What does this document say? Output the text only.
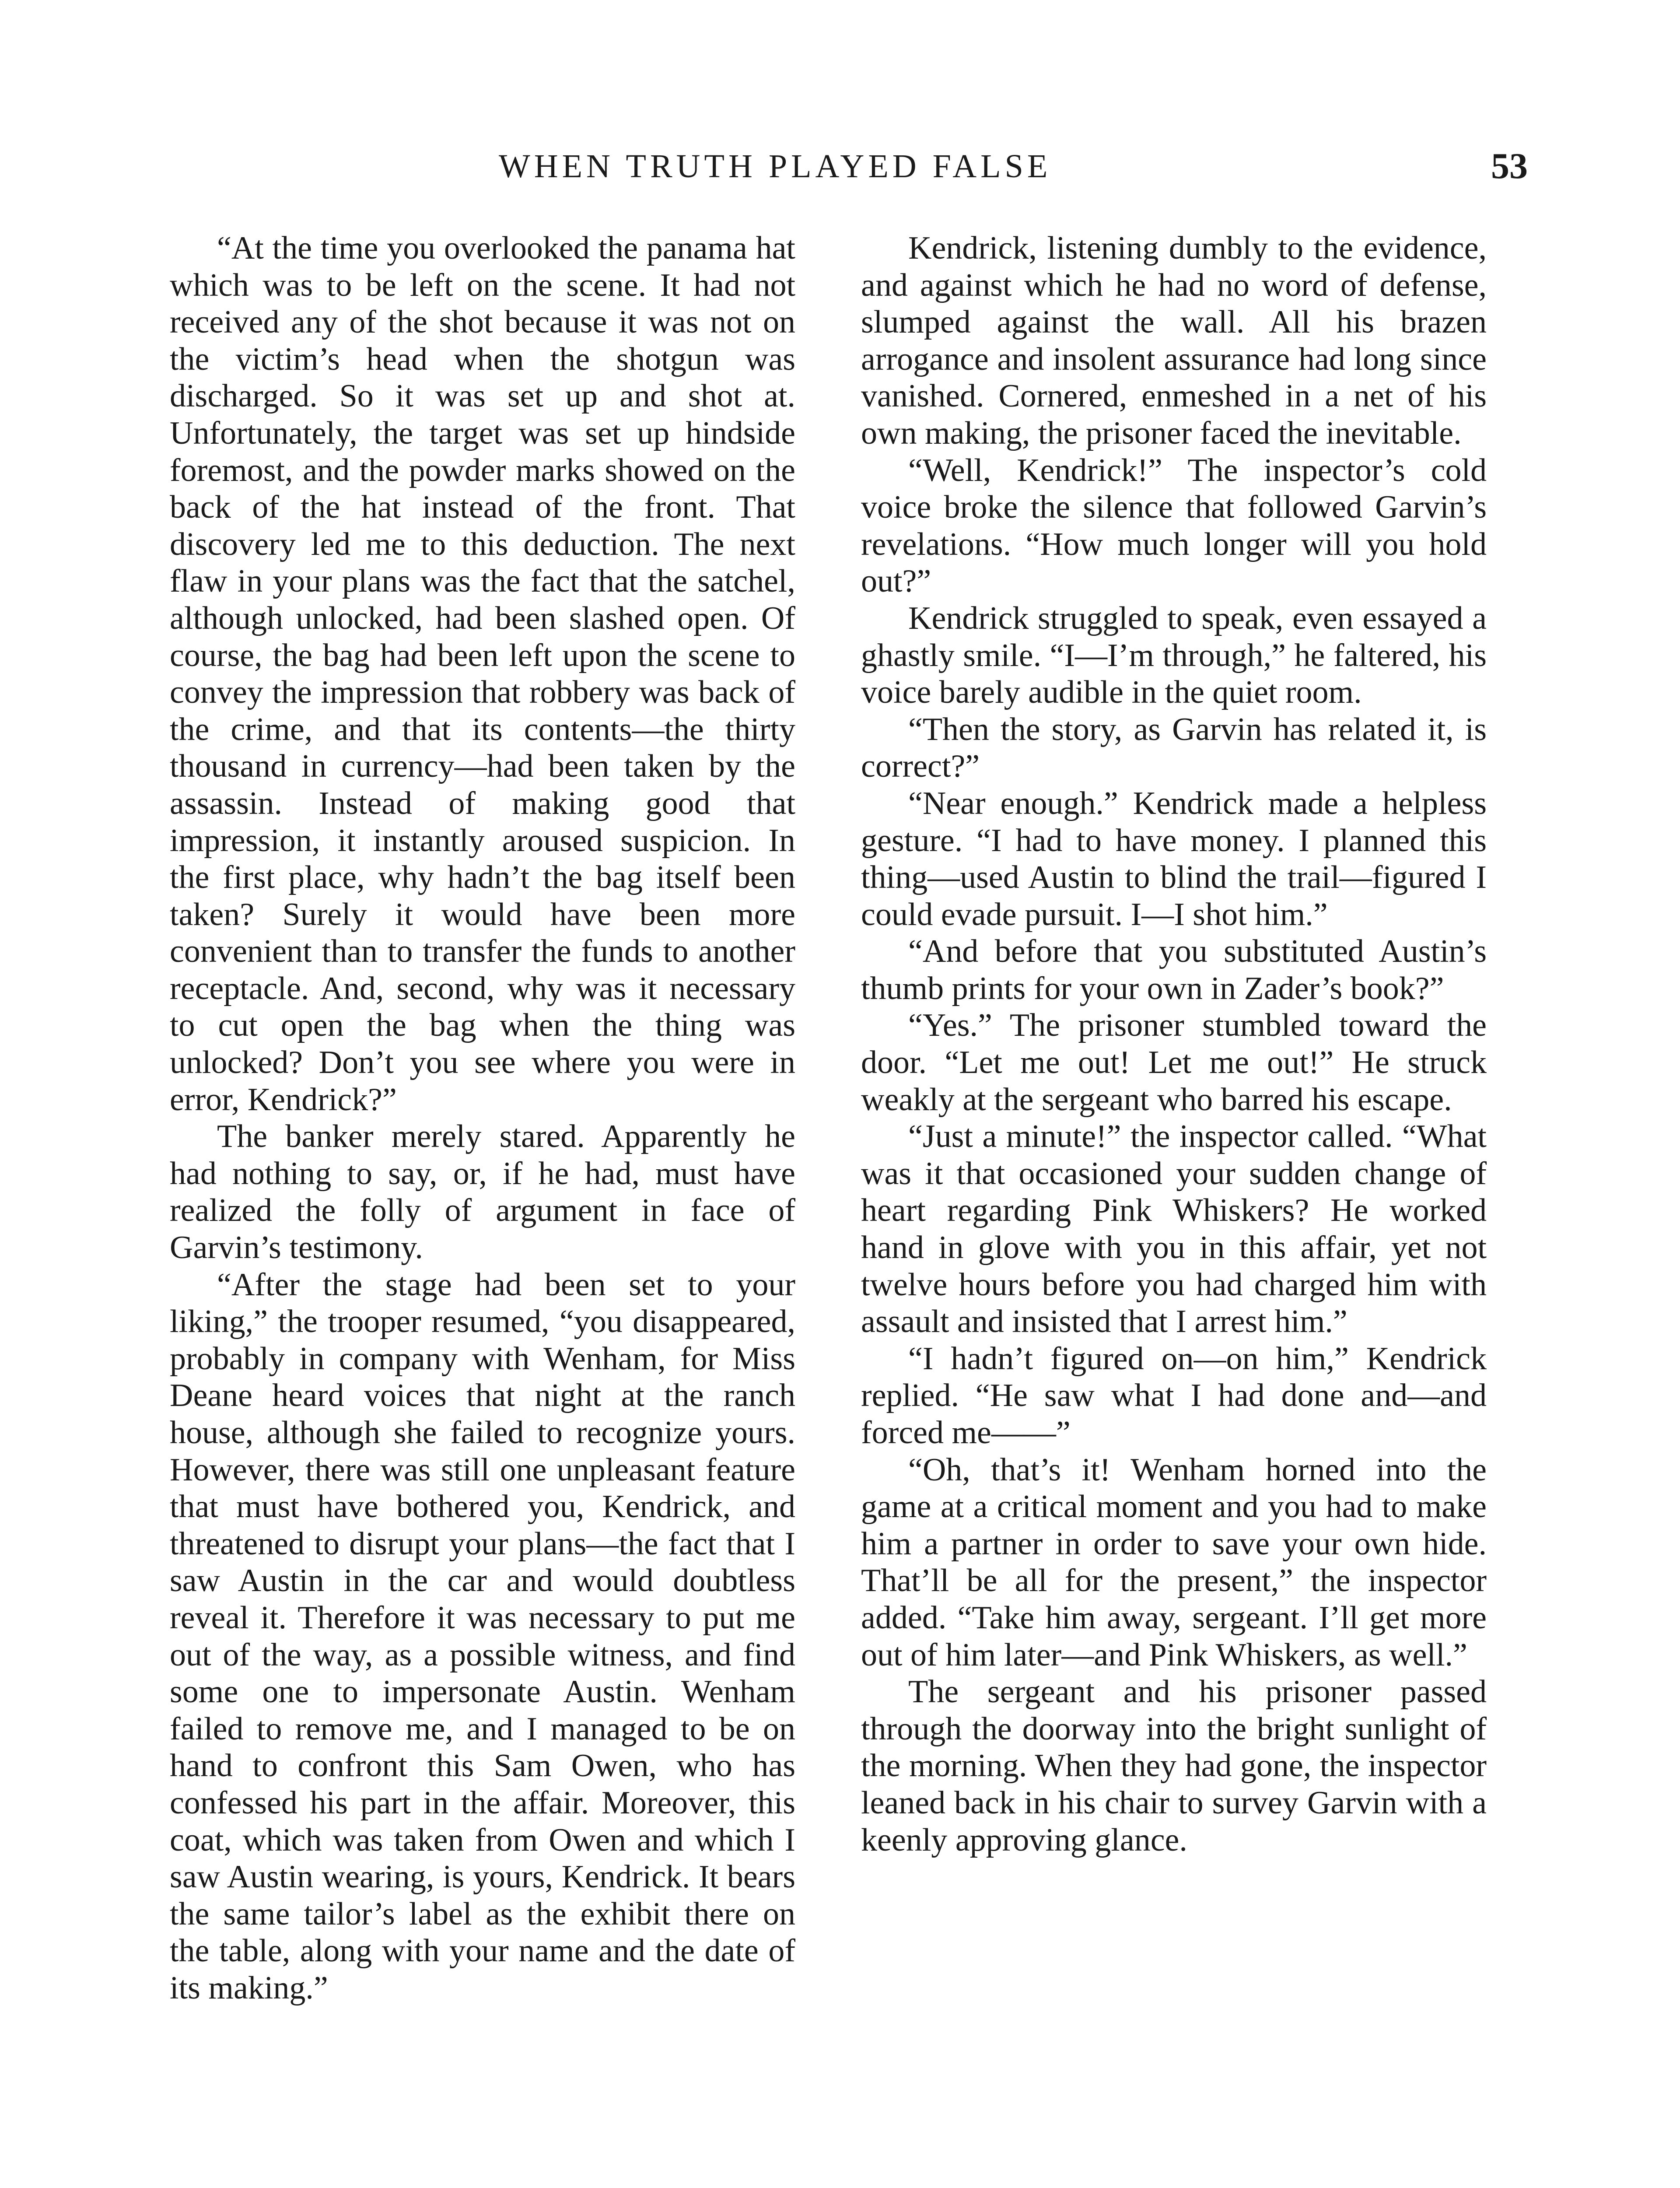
WHEN TRUTH PLAYED FALSE	53

“At the time you overlooked the panama hat which was to be left on the scene. It had not received any of the shot because it was not on the victim’s head when the shotgun was discharged. So it was set up and shot at. Unfortunately, the target was set up hindside foremost, and the powder marks showed on the back of the hat instead of the front. That discovery led me to this deduction. The next flaw in your plans was the fact that the satchel, although unlocked, had been slashed open. Of course, the bag had been left upon the scene to convey the impression that robbery was back of the crime, and that its contents—the thirty thousand in currency—had been taken by the assassin. Instead of making good that impression, it instantly aroused suspicion. In the first place, why hadn’t the bag itself been taken? Surely it would have been more convenient than to transfer the funds to another receptacle. And, second, why was it necessary to cut open the bag when the thing was unlocked? Don’t you see where you were in error, Kendrick?”

The banker merely stared. Apparently he had nothing to say, or, if he had, must have realized the folly of argument in face of Garvin’s testimony.

“After the stage had been set to your liking,” the trooper resumed, “you disappeared, probably in company with Wenham, for Miss Deane heard voices that night at the ranch house, although she failed to recognize yours. However, there was still one unpleasant feature that must have bothered you, Kendrick, and threatened to disrupt your plans—the fact that I saw Austin in the car and would doubtless reveal it. Therefore it was necessary to put me out of the way, as a possible witness, and find some one to impersonate Austin. Wenham failed to remove me, and I managed to be on hand to confront this Sam Owen, who has confessed his part in the affair. Moreover, this coat, which was taken from Owen and which I saw Austin wearing, is yours, Kendrick. It bears the same tailor’s label as the exhibit there on the table, along with your name and the date of its making.”

Kendrick, listening dumbly to the evidence, and against which he had no word of defense, slumped against the wall. All his brazen arrogance and insolent assurance had long since vanished. Cornered, enmeshed in a net of his own making, the prisoner faced the inevitable.

“Well, Kendrick!” The inspector’s cold voice broke the silence that followed Garvin’s revelations. “How much longer will you hold out?”

Kendrick struggled to speak, even essayed a ghastly smile. “I—I’m through,” he faltered, his voice barely audible in the quiet room.

“Then the story, as Garvin has related it, is correct?”

“Near enough.” Kendrick made a helpless gesture. “I had to have money. I planned this thing—used Austin to blind the trail—figured I could evade pursuit. I—I shot him.”

“And before that you substituted Austin’s thumb prints for your own in Zader’s book?”

“Yes.” The prisoner stumbled toward the door. “Let me out! Let me out!” He struck weakly at the sergeant who barred his escape.

“Just a minute!” the inspector called. “What was it that occasioned your sudden change of heart regarding Pink Whiskers? He worked hand in glove with you in this affair, yet not twelve hours before you had charged him with assault and insisted that I arrest him.”

“I hadn’t figured on—on him,” Kendrick replied. “He saw what I had done and—and forced me——”

“Oh, that’s it! Wenham horned into the game at a critical moment and you had to make him a partner in order to save your own hide. That’ll be all for the present,” the inspector added. “Take him away, sergeant. I’ll get more out of him later—and Pink Whiskers, as well.”

The sergeant and his prisoner passed through the doorway into the bright sunlight of the morning. When they had gone, the inspector leaned back in his chair to survey Garvin with a keenly approving glance.
